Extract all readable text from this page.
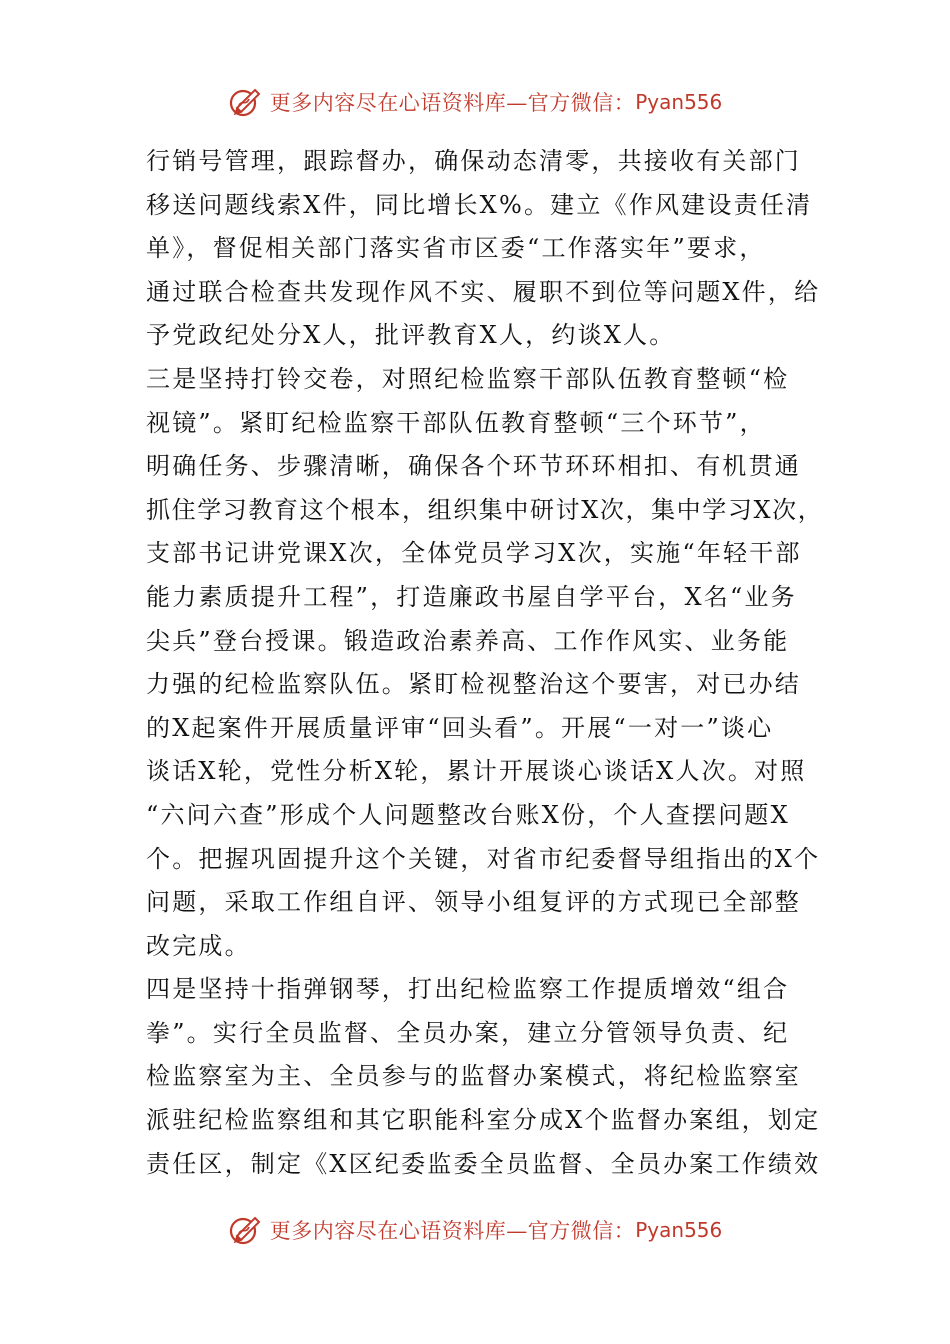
更多内容尽在心语资料库—官方微信： Pyan556
行销号管理，跟踪督办，确保动态清零，共接收有关部门
移送问题线索X件，同比增长X%。建立《作风建设责任清
单》，督促相关部门落实省市区委“工作落实年”要求，
通过联合检查共发现作风不实、履职不到位等问题X件，给
予党政纪处分X人，批评教育X人，约谈X人。
三是坚持打铃交卷，对照纪检监察干部队伍教育整顿“检
视镜”。紧盯纪检监察干部队伍教育整顿“三个环节”，
明确任务、步骤清晰，确保各个环节环环相扣、有机贯通
抓住学习教育这个根本，组织集中研讨X次，集中学习X次，
支部书记讲党课X次，全体党员学习X次，实施“年轻干部
能力素质提升工程”，打造廉政书屋自学平台，X名“业务
尖兵”登台授课。锻造政治素养高、工作作风实、业务能
力强的纪检监察队伍。紧盯检视整治这个要害，对已办结
的X起案件开展质量评审“回头看”。开展“一对一”谈心
谈话X轮，党性分析X轮，累计开展谈心谈话X人次。对照
“六问六查”形成个人问题整改台账X份，个人查摆问题X
个。把握巩固提升这个关键，对省市纪委督导组指出的X个
问题，采取工作组自评、领导小组复评的方式现已全部整
改完成。
四是坚持十指弹钢琴，打出纪检监察工作提质增效“组合
拳”。实行全员监督、全员办案，建立分管领导负责、纪
检监察室为主、全员参与的监督办案模式，将纪检监察室
派驻纪检监察组和其它职能科室分成X个监督办案组，划定
责任区，制定《X区纪委监委全员监督、全员办案工作绩效
更多内容尽在心语资料库—官方微信： Pyan556
